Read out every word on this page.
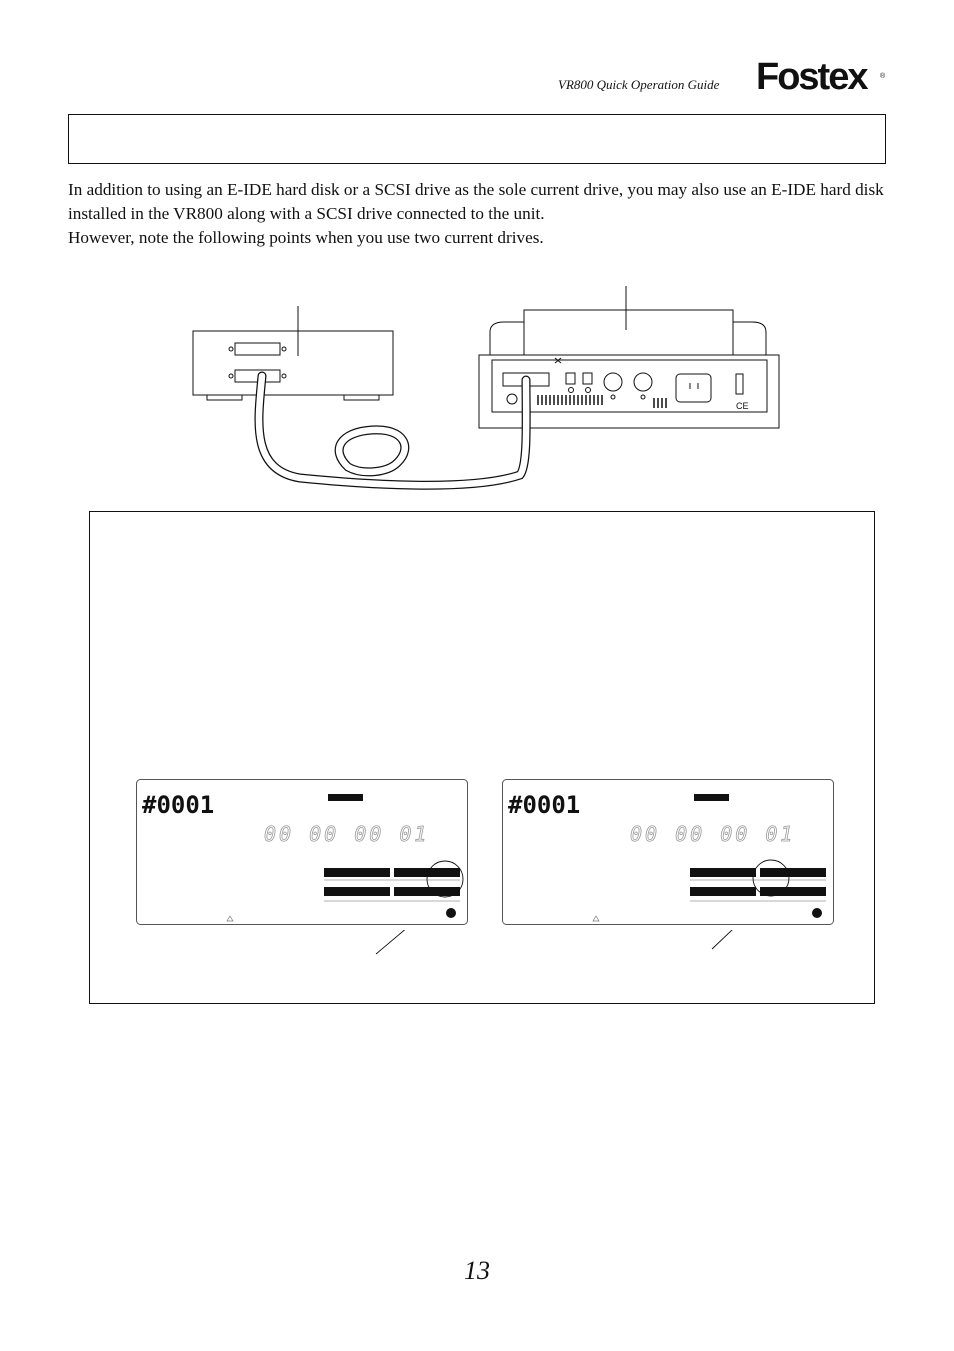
VR800 Quick Operation Guide Fostex ®

In addition to using an E-IDE hard disk or a SCSI drive as the sole current drive, you may also use an E-IDE hard disk installed in the VR800 along with a SCSI drive connected to the unit.

However, note the following points when you use two current drives.

CE
#0001
00 00 00 01
#0001
00 00 00 01
13
